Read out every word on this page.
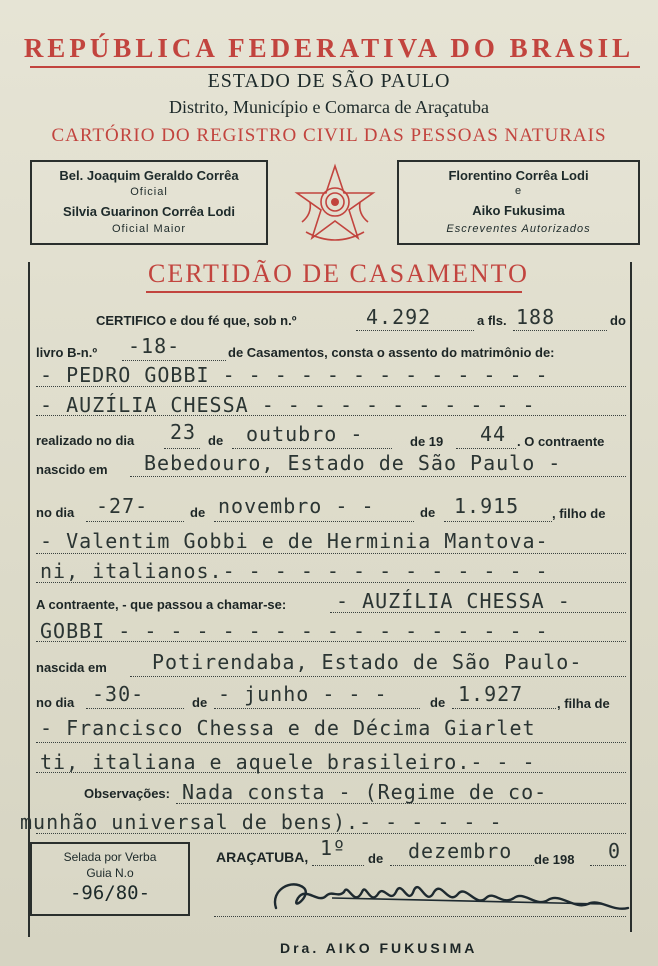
REPÚBLICA FEDERATIVA DO BRASIL
ESTADO DE SÃO PAULO
Distrito, Município e Comarca de Araçatuba
CARTÓRIO DO REGISTRO CIVIL DAS PESSOAS NATURAIS
Bel. Joaquim Geraldo Corrêa
Oficial
Silvia Guarinon Corrêa Lodi
Oficial Maior
Florentino Corrêa Lodi
e
Aiko Fukusima
Escreventes Autorizados
CERTIDÃO DE CASAMENTO
CERTIFICO e dou fé que, sob n.º	4.292	a fls. 188	do
livro B-n.º -18-	de Casamentos, consta o assento do matrimônio de:
- PEDRO GOBBI - - - - - - - - - - - - -
- AUZÍLIA CHESSA - - - - - - - - - - -
realizado no dia 23 de outubro -	de 19 44 . O contraente
nascido em Bebedouro, Estado de São Paulo -
no dia -27-	de novembro - -	de 1.915	, filho de
- Valentim Gobbi e de Herminia Mantova-
ni, italianos.- - - - - - - - - - - - -
A contraente, - que passou a chamar-se: - AUZÍLIA CHESSA -
GOBBI - - - - - - - - - - - - - - - - -
nascida em Potirendaba, Estado de São Paulo-
no dia -30-	de - junho - - -	de 1.927	, filha de
- Francisco Chessa e de Décima Giarlet
ti, italiana e aquele brasileiro.- - -
Observações: Nada consta - (Regime de co-
munhão universal de bens).- - - - - -
Selada por Verba
Guia N.o
-96/80-
ARAÇATUBA, 1º de dezembro de 198 0
Dra. AIKO FUKUSIMA
